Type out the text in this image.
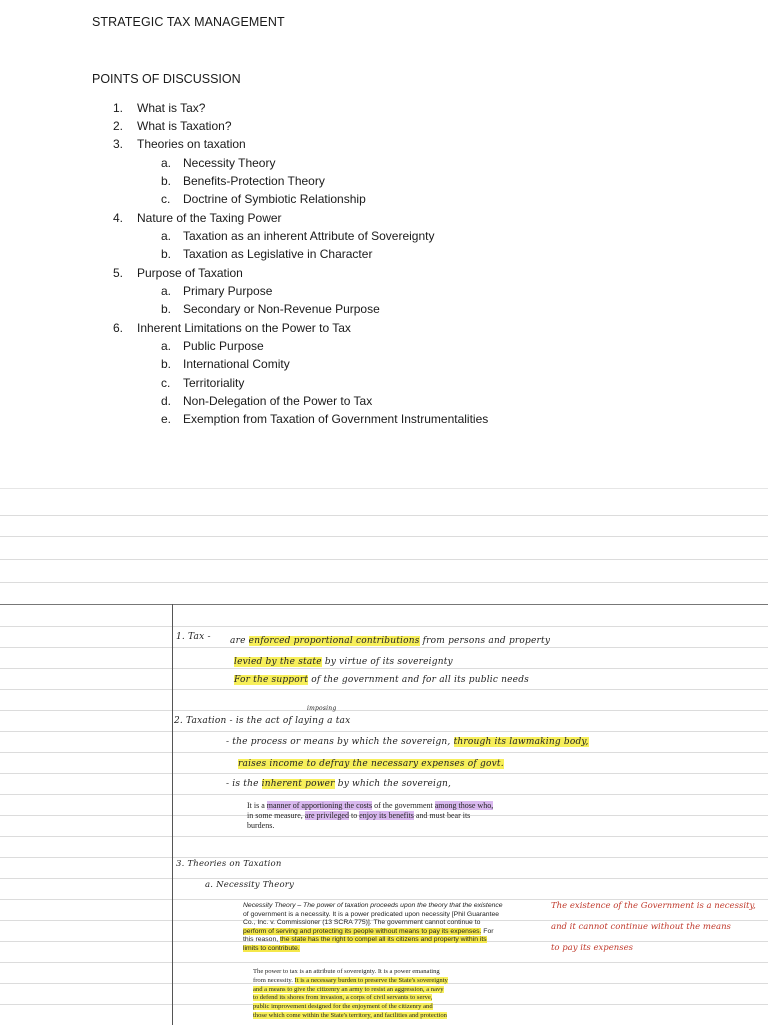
STRATEGIC TAX MANAGEMENT
POINTS OF DISCUSSION
1.	What is Tax?
2.	What is Taxation?
3.	Theories on taxation
a. Necessity Theory
b. Benefits-Protection Theory
c.	Doctrine of Symbiotic Relationship
4.	Nature of the Taxing Power
a. Taxation as an inherent Attribute of Sovereignty
b. Taxation as Legislative in Character
5.	Purpose of Taxation
a. Primary Purpose
b. Secondary or Non-Revenue Purpose
6.	Inherent Limitations on the Power to Tax
a. Public Purpose
b. International Comity
c.	Territoriality
d. Non-Delegation of the Power to Tax
e. Exemption from Taxation of Government Instrumentalities
1. Tax - are enforced proportional contributions from persons and property
levied by the state by virtue of its sovereignty
For the support of the government and for all its public needs
imposing
2. Taxation - is the act of laying a tax
- the process or means by which the sovereign, through its lawmaking body,
raises income to defray the necessary expenses of govt.
- is the inherent power by which the sovereign,
It is a manner of apportioning the costs of the government among those who,
in some measure, are privileged to enjoy its benefits and must bear its
burdens.
3. Theories on Taxation
a. Necessity Theory
Necessity Theory – The power of taxation proceeds upon the theory that the existence
of government is a necessity. It is a power predicated upon necessity [Phil Guarantee
Co., Inc. v. Commissioner (13 SCRA 775)]. The government cannot continue to
perform of serving and protecting its people without means to pay its expenses. For
this reason, the state has the right to compel all its citizens and property within its
limits to contribute.
The power to tax is an attribute of sovereignty. It is a power emanating
from necessity. It is a necessary burden to preserve the State's sovereignty
and a means to give the citizenry an army to resist an aggression, a navy
to defend its shores from invasion, a corps of civil servants to serve,
public improvement designed for the enjoyment of the citizenry and
those which come within the State's territory, and facilities and protection
The existence of the Government is a necessity,
and it cannot continue without the means
to pay its expenses
